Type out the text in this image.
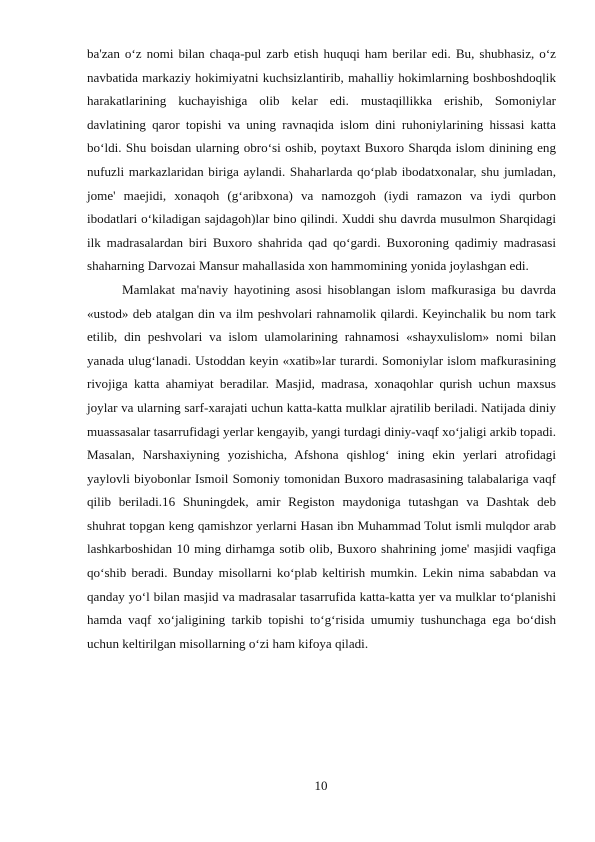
ba'zan o‘z nomi bilan chaqa-pul zarb etish huquqi ham berilar edi. Bu, shubhasiz, o‘z navbatida markaziy hokimiyatni kuchsizlantirib, mahalliy hokimlarning boshboshdoqlik harakatlarining kuchayishiga olib kelar edi. mustaqillikka erishib, Somoniylar davlatining qaror topishi va uning ravnaqida islom dini ruhoniylarining hissasi katta bo‘ldi. Shu boisdan ularning obro‘si oshib, poytaxt Buxoro Sharqda islom dinining eng nufuzli markazlaridan biriga aylandi. Shaharlarda qo‘plab ibodatxonalar, shu jumladan, jome' maejidi, xonaqoh (g‘aribxona) va namozgoh (iydi ramazon va iydi qurbon ibodatlari o‘kiladigan sajdagoh)lar bino qilindi. Xuddi shu davrda musulmon Sharqidagi ilk madrasalardan biri Buxoro shahrida qad qo‘gardi. Buxoroning qadimiy madrasasi shaharning Darvozai Mansur mahallasida xon hammomining yonida joylashgan edi.

Mamlakat ma'naviy hayotining asosi hisoblangan islom mafkurasiga bu davrda «ustod» deb atalgan din va ilm peshvolari rahnamolik qilardi. Keyinchalik bu nom tark etilib, din peshvolari va islom ulamolarining rahnamosi «shayxulislom» nomi bilan yanada ulug‘lanadi. Ustoddan keyin «xatib»lar turardi. Somoniylar islom mafkurasining rivojiga katta ahamiyat beradilar. Masjid, madrasa, xonaqohlar qurish uchun maxsus joylar va ularning sarf-xarajati uchun katta-katta mulklar ajratilib beriladi. Natijada diniy muassasalar tasarrufidagi yerlar kengayib, yangi turdagi diniy-vaqf xo‘jaligi arkib topadi. Masalan, Narshaxiyning yozishicha, Afshona qishlog‘ ining ekin yerlari atrofidagi yaylovli biyobonlar Ismoil Somoniy tomonidan Buxoro madrasasining talabalariga vaqf qilib beriladi.16 Shuningdek, amir Registon maydoniga tutashgan va Dashtak deb shuhrat topgan keng qamishzor yerlarni Hasan ibn Muhammad Tolut ismli mulqdor arab lashkarboshidan 10 ming dirhamga sotib olib, Buxoro shahrining jome' masjidi vaqfiga qo‘shib beradi. Bunday misollarni ko‘plab keltirish mumkin. Lekin nima sababdan va qanday yo‘l bilan masjid va madrasalar tasarrufida katta-katta yer va mulklar to‘planishi hamda vaqf xo‘jaligining tarkib topishi to‘g‘risida umumiy tushunchaga ega bo‘dish uchun keltirilgan misollarning o‘zi ham kifoya qiladi.

10
